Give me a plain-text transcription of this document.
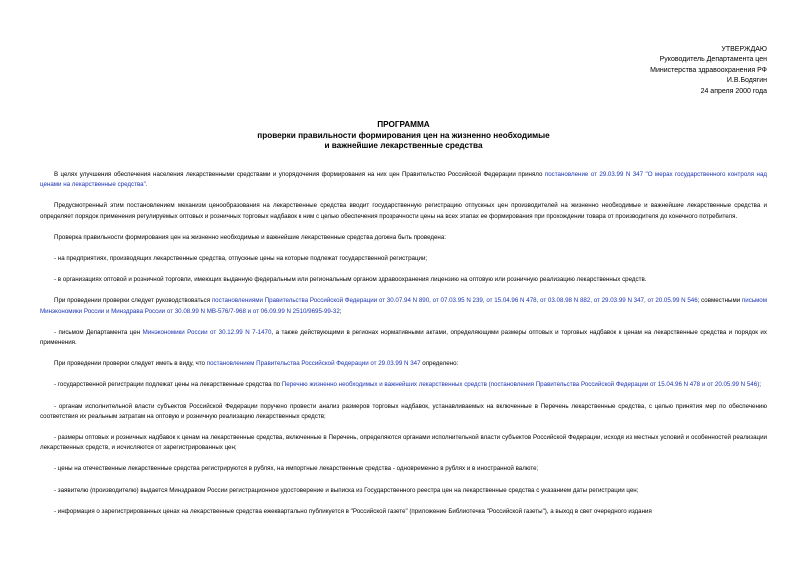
УТВЕРЖДАЮ
Руководитель Департамента цен
Министерства здравоохранения РФ
И.В.Бодягин
24 апреля 2000 года
ПРОГРАММА
проверки правильности формирования цен на жизненно необходимые
и важнейшие лекарственные средства

В целях улучшения обеспечения населения лекарственными средствами и упорядочения формирования на них цен Правительство Российской Федерации приняло постановление от 29.03.99 N 347 "О мерах государственного контроля над ценами на лекарственные средства".

Предусмотренный этим постановлением механизм ценообразования на лекарственные средства вводит государственную регистрацию отпускных цен производителей на жизненно необходимые и важнейшие лекарственные средства и определяет порядок применения регулируемых оптовых и розничных торговых надбавок к ним с целью обеспечения прозрачности цены на всех этапах ее формирования при прохождении товара от производителя до конечного потребителя.

Проверка правильности формирования цен на жизненно необходимые и важнейшие лекарственные средства должна быть проведена:

- на предприятиях, производящих лекарственные средства, отпускные цены на которые подлежат государственной регистрации;

- в организациях оптовой и розничной торговли, имеющих выданную федеральным или региональным органом здравоохранения лицензию на оптовую или розничную реализацию лекарственных средств.

При проведении проверки следует руководствоваться постановлениями Правительства Российской Федерации от 30.07.94 N 890, от 07.03.95 N 239, от 15.04.96 N 478, от 03.08.98 N 882, от 29.03.99 N 347, от 20.05.99 N 546; совместными письмом Минэкономики России и Минздрава России от 30.08.99 N МВ-576/7-968 и от 06.09.99 N 2510/9695-99-32;

- письмом Департамента цен Минэкономики России от 30.12.99 N 7-1470, а также действующими в регионах нормативными актами, определяющими размеры оптовых и торговых надбавок к ценам на лекарственные средства и порядок их применения.

При проведении проверки следует иметь в виду, что постановлением Правительства Российской Федерации от 29.03.99 N 347 определено:

- государственной регистрации подлежат цены на лекарственные средства по Перечню жизненно необходимых и важнейших лекарственных средств (постановления Правительства Российской Федерации от 15.04.96 N 478 и от 20.05.99 N 546);

- органам исполнительной власти субъектов Российской Федерации поручено провести анализ размеров торговых надбавок, устанавливаемых на включенные в Перечень лекарственные средства, с целью принятия мер по обеспечению соответствия их реальным затратам на оптовую и розничную реализацию лекарственных средств;

- размеры оптовых и розничных надбавок к ценам на лекарственные средства, включенные в Перечень, определяются органами исполнительной власти субъектов Российской Федерации, исходя из местных условий и особенностей реализации лекарственных средств, и исчисляются от зарегистрированных цен;

- цены на отечественные лекарственные средства регистрируются в рублях, на импортные лекарственные средства - одновременно в рублях и в иностранной валюте;

- заявителю (производителю) выдается Минздравом России регистрационное удостоверение и выписка из Государственного реестра цен на лекарственные средства с указанием даты регистрации цен;

- информация о зарегистрированных ценах на лекарственные средства ежеквартально публикуется в "Российской газете" (приложение Библиотечка "Российской газеты"), а выход в свет очередного издания
